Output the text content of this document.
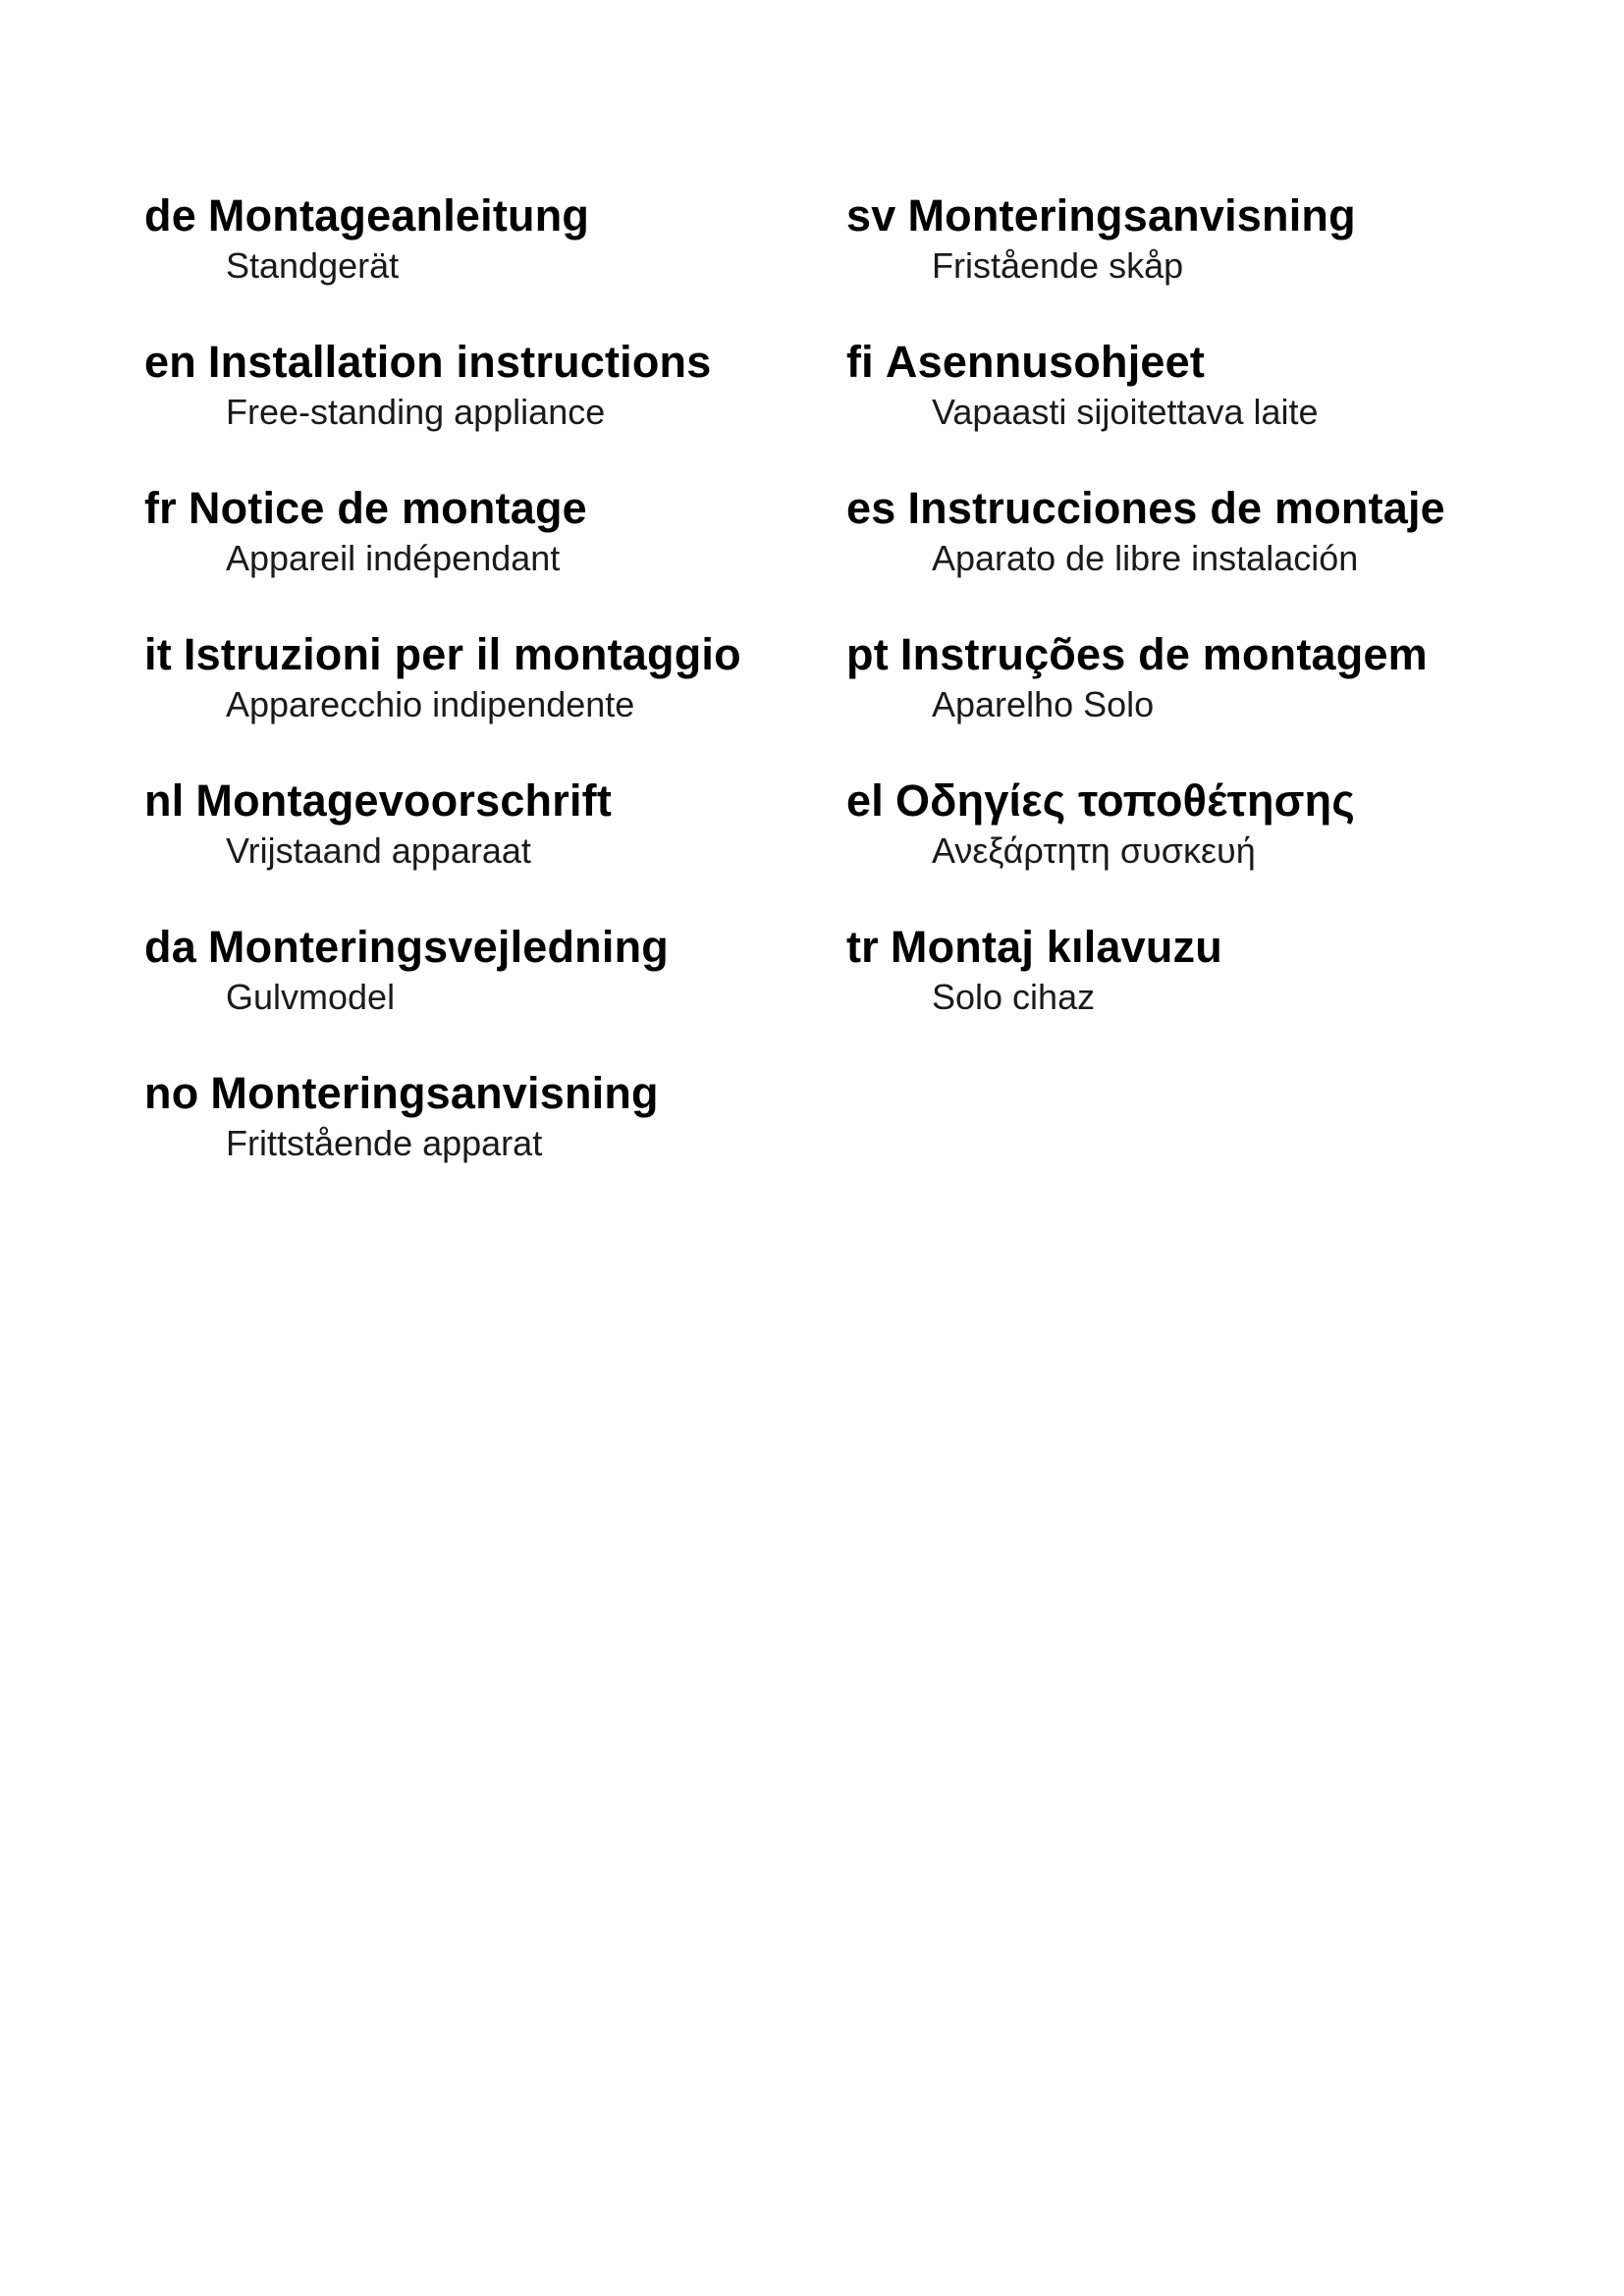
de Montageanleitung
Standgerät
en Installation instructions
Free-standing appliance
fr Notice de montage
Appareil indépendant
it Istruzioni per il montaggio
Apparecchio indipendente
nl Montagevoorschrift
Vrijstaand apparaat
da Monteringsvejledning
Gulvmodel
no Monteringsanvisning
Frittstående apparat
sv Monteringsanvisning
Fristående skåp
fi Asennusohjeet
Vapaasti sijoitettava laite
es Instrucciones de montaje
Aparato de libre instalación
pt Instruções de montagem
Aparelho Solo
el Οδηγίες τοποθέτησης
Ανεξάρτητη συσκευή
tr Montaj kılavuzu
Solo cihaz
